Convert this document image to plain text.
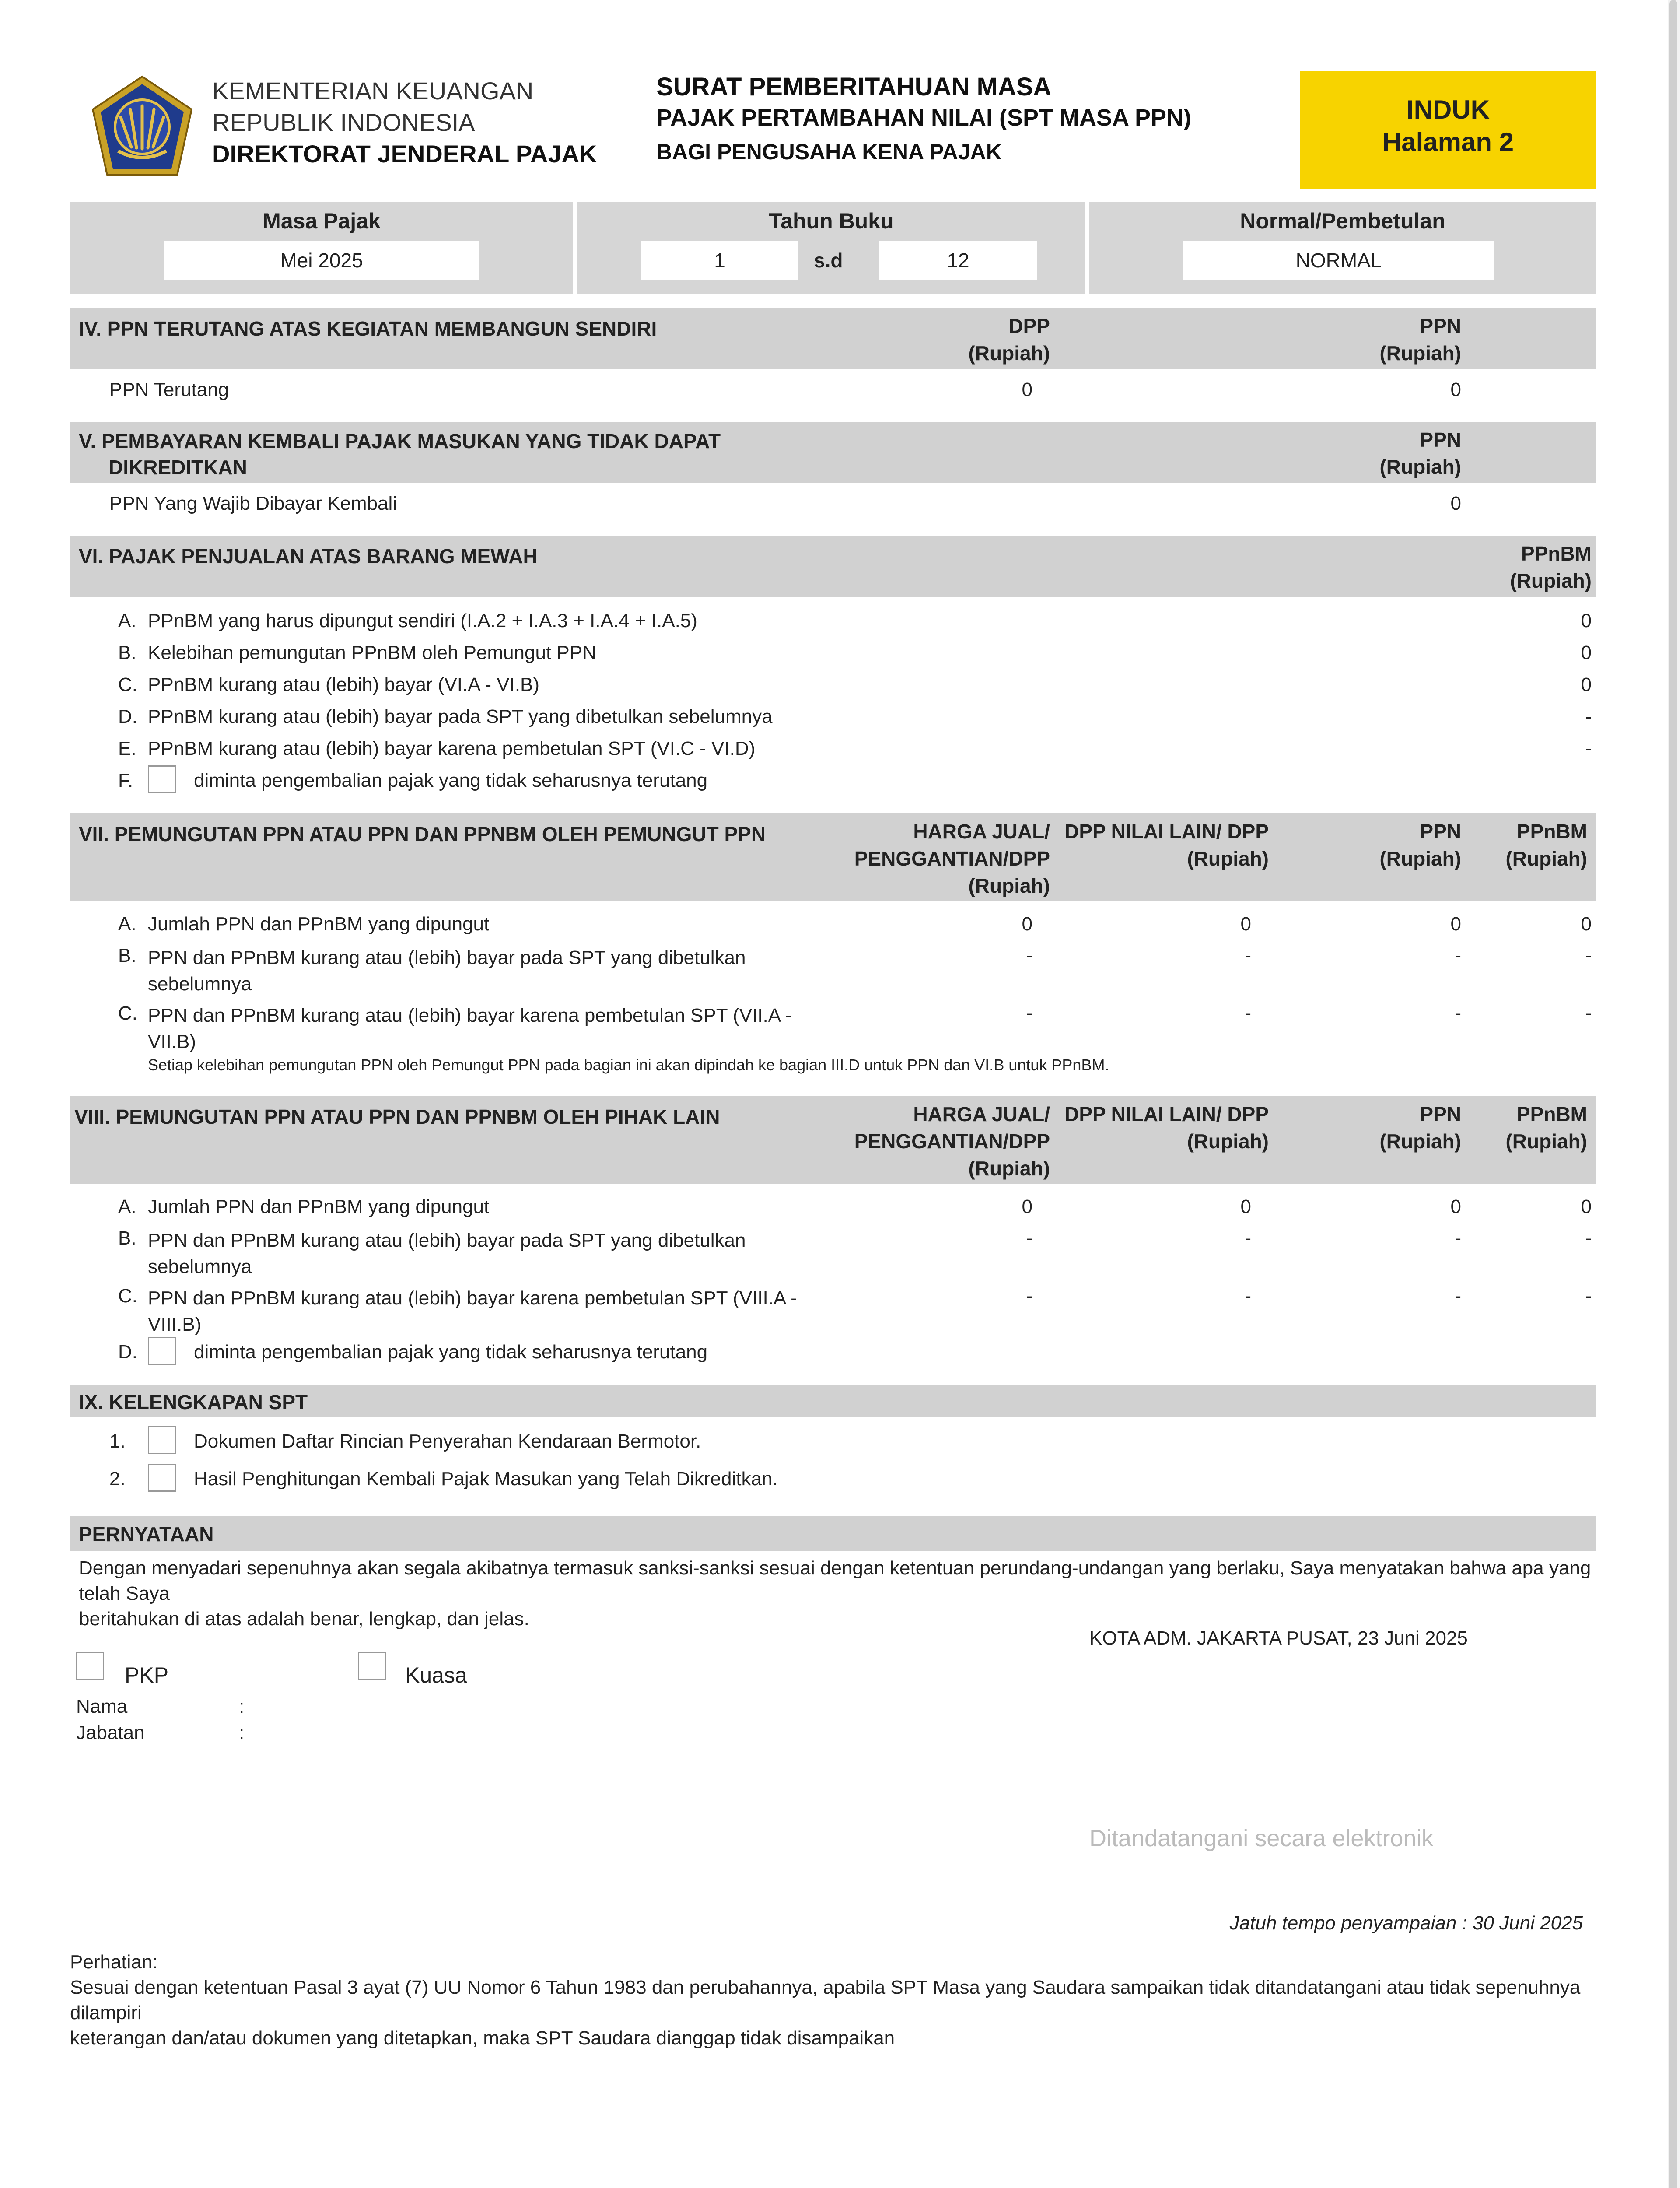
KEMENTERIAN KEUANGAN
REPUBLIK INDONESIA
DIREKTORAT JENDERAL PAJAK
SURAT PEMBERITAHUAN MASA
PAJAK PERTAMBAHAN NILAI (SPT MASA PPN)
BAGI PENGUSAHA KENA PAJAK
INDUK
Halaman 2
Masa Pajak
Mei 2025
Tahun Buku
1	s.d	12
Normal/Pembetulan
NORMAL
IV. PPN TERUTANG ATAS KEGIATAN MEMBANGUN SENDIRI	DPP
(Rupiah)
PPN
(Rupiah)
PPN Terutang	0	0
V. PEMBAYARAN KEMBALI PAJAK MASUKAN YANG TIDAK DAPAT
DIKREDITKAN
PPN
(Rupiah)
PPN Yang Wajib Dibayar Kembali	0
VI. PAJAK PENJUALAN ATAS BARANG MEWAH	PPnBM
(Rupiah)
A. PPnBM yang harus dipungut sendiri (I.A.2 + I.A.3 + I.A.4 + I.A.5)	0
B. Kelebihan pemungutan PPnBM oleh Pemungut PPN	0
C. PPnBM kurang atau (lebih) bayar (VI.A - VI.B)	0
D. PPnBM kurang atau (lebih) bayar pada SPT yang dibetulkan sebelumnya	-
E. PPnBM kurang atau (lebih) bayar karena pembetulan SPT (VI.C - VI.D)	-
F.	diminta pengembalian pajak yang tidak seharusnya terutang
VII. PEMUNGUTAN PPN ATAU PPN DAN PPNBM OLEH PEMUNGUT PPN	HARGA JUAL/
PENGGANTIAN/DPP
(Rupiah)
DPP NILAI LAIN/ DPP
(Rupiah)
PPN
(Rupiah)
PPnBM
(Rupiah)
A. Jumlah PPN dan PPnBM yang dipungut	0	0	0	0
B. PPN dan PPnBM kurang atau (lebih) bayar pada SPT yang dibetulkan
sebelumnya
-	-	-	-
C. PPN dan PPnBM kurang atau (lebih) bayar karena pembetulan SPT (VII.A -
VII.B)
-	-	-	-
Setiap kelebihan pemungutan PPN oleh Pemungut PPN pada bagian ini akan dipindah ke bagian III.D untuk PPN dan VI.B untuk PPnBM.
VIII. PEMUNGUTAN PPN ATAU PPN DAN PPNBM OLEH PIHAK LAIN	HARGA JUAL/
PENGGANTIAN/DPP
(Rupiah)
DPP NILAI LAIN/ DPP
(Rupiah)
PPN
(Rupiah)
PPnBM
(Rupiah)
A. Jumlah PPN dan PPnBM yang dipungut	0	0	0	0
B. PPN dan PPnBM kurang atau (lebih) bayar pada SPT yang dibetulkan
sebelumnya
-	-	-	-
C. PPN dan PPnBM kurang atau (lebih) bayar karena pembetulan SPT (VIII.A -
VIII.B)
-	-	-	-
D.	diminta pengembalian pajak yang tidak seharusnya terutang
IX. KELENGKAPAN SPT
1.	Dokumen Daftar Rincian Penyerahan Kendaraan Bermotor.
2.	Hasil Penghitungan Kembali Pajak Masukan yang Telah Dikreditkan.
PERNYATAAN
Dengan menyadari sepenuhnya akan segala akibatnya termasuk sanksi-sanksi sesuai dengan ketentuan perundang-undangan yang berlaku, Saya menyatakan bahwa apa yang telah Saya
beritahukan di atas adalah benar, lengkap, dan jelas.
KOTA ADM. JAKARTA PUSAT, 23 Juni 2025
PKP	Kuasa
Nama	:
Jabatan	:
Ditandatangani secara elektronik
Jatuh tempo penyampaian : 30 Juni 2025
Perhatian:
Sesuai dengan ketentuan Pasal 3 ayat (7) UU Nomor 6 Tahun 1983 dan perubahannya, apabila SPT Masa yang Saudara sampaikan tidak ditandatangani atau tidak sepenuhnya dilampiri
keterangan dan/atau dokumen yang ditetapkan, maka SPT Saudara dianggap tidak disampaikan
